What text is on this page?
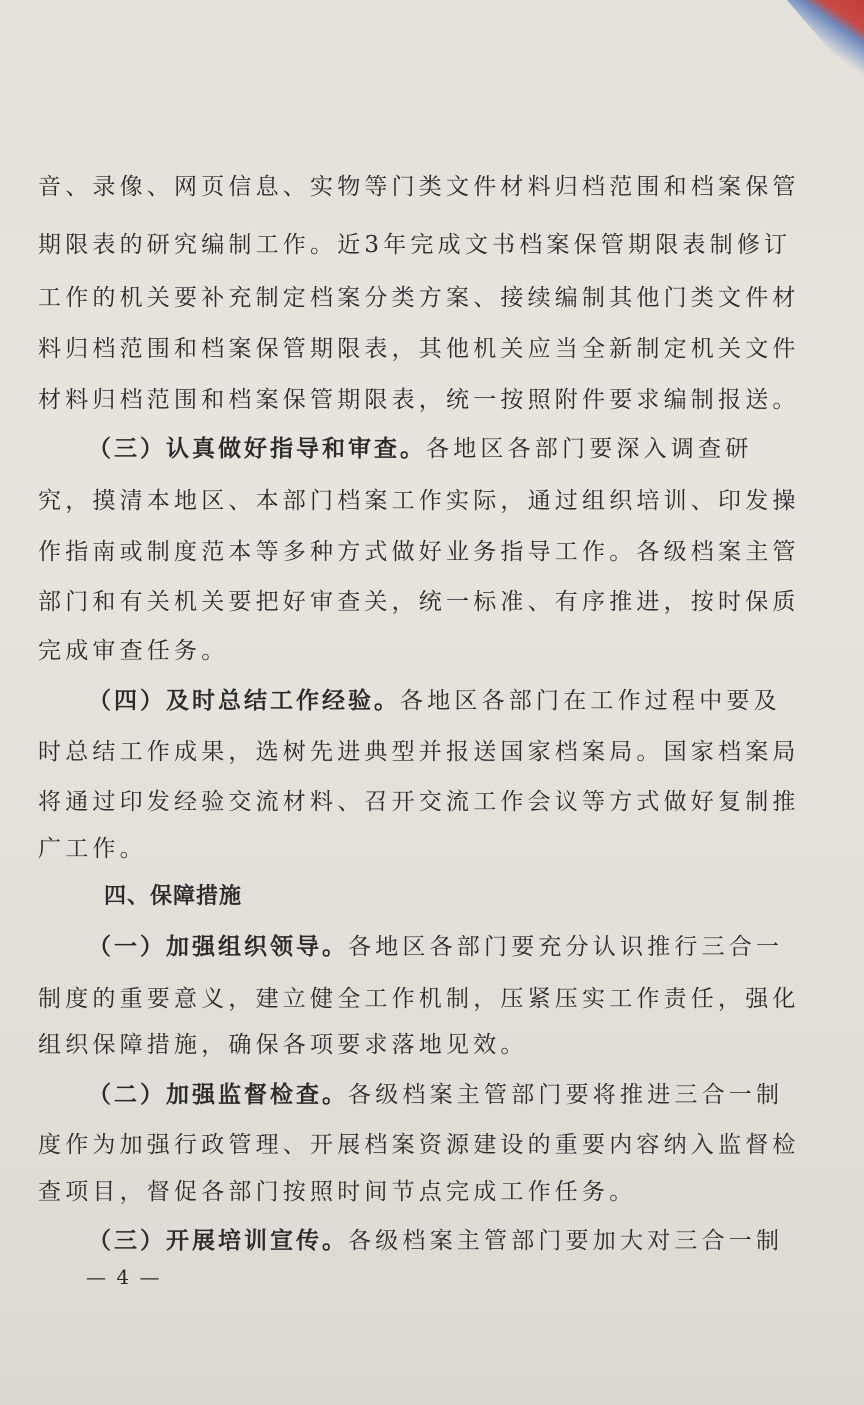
音、录像、网页信息、实物等门类文件材料归档范围和档案保管
期限表的研究编制工作。近3年完成文书档案保管期限表制修订
工作的机关要补充制定档案分类方案、接续编制其他门类文件材
料归档范围和档案保管期限表，其他机关应当全新制定机关文件
材料归档范围和档案保管期限表，统一按照附件要求编制报送。
（三）认真做好指导和审查。各地区各部门要深入调查研
究，摸清本地区、本部门档案工作实际，通过组织培训、印发操
作指南或制度范本等多种方式做好业务指导工作。各级档案主管
部门和有关机关要把好审查关，统一标准、有序推进，按时保质
完成审查任务。
（四）及时总结工作经验。各地区各部门在工作过程中要及
时总结工作成果，选树先进典型并报送国家档案局。国家档案局
将通过印发经验交流材料、召开交流工作会议等方式做好复制推
广工作。
四、保障措施
（一）加强组织领导。各地区各部门要充分认识推行三合一
制度的重要意义，建立健全工作机制，压紧压实工作责任，强化
组织保障措施，确保各项要求落地见效。
（二）加强监督检查。各级档案主管部门要将推进三合一制
度作为加强行政管理、开展档案资源建设的重要内容纳入监督检
查项目，督促各部门按照时间节点完成工作任务。
（三）开展培训宣传。各级档案主管部门要加大对三合一制
— 4 —
